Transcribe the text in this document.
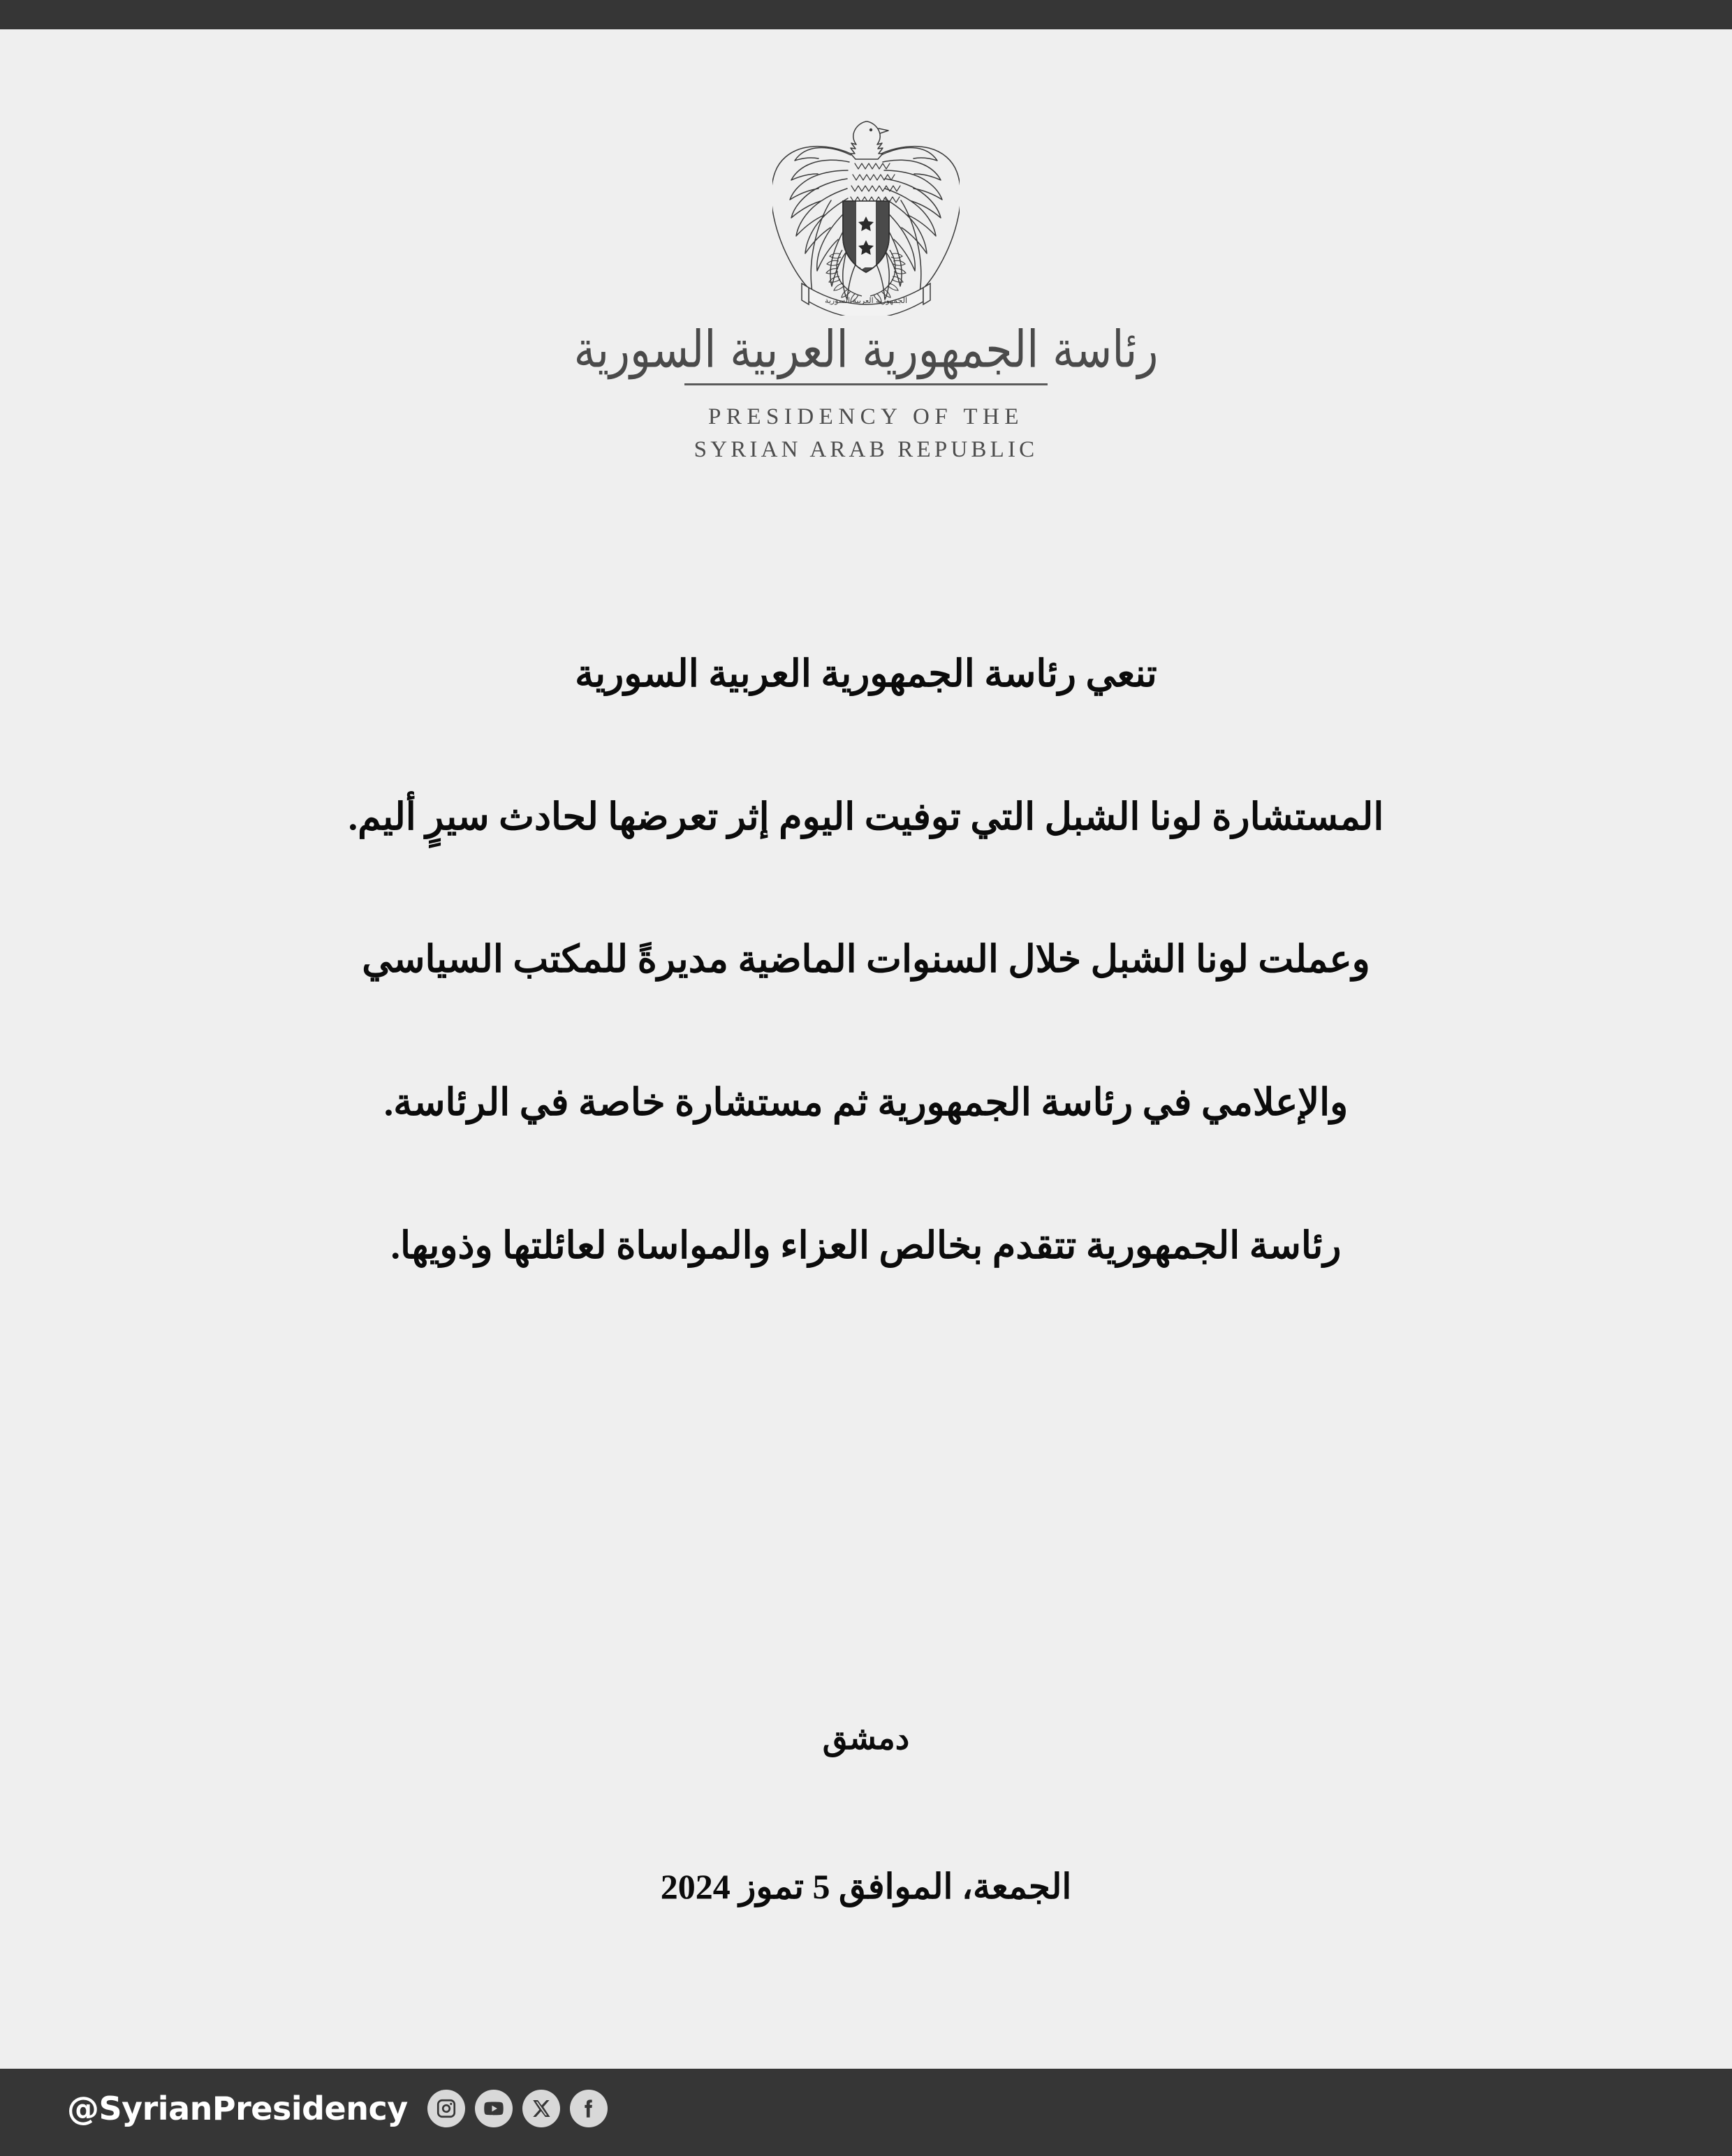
الجمهورية العربية السورية
رئاسة الجمهورية العربية السورية
PRESIDENCY OF THE
SYRIAN ARAB REPUBLIC

تنعي رئاسة الجمهورية العربية السورية

المستشارة لونا الشبل التي توفيت اليوم إثر تعرضها لحادث سيرٍ أليم.

وعملت لونا الشبل خلال السنوات الماضية مديرةً للمكتب السياسي

والإعلامي في رئاسة الجمهورية ثم مستشارة خاصة في الرئاسة.

رئاسة الجمهورية تتقدم بخالص العزاء والمواساة لعائلتها وذويها.

دمشق
الجمعة، الموافق 5 تموز 2024
@SyrianPresidency
